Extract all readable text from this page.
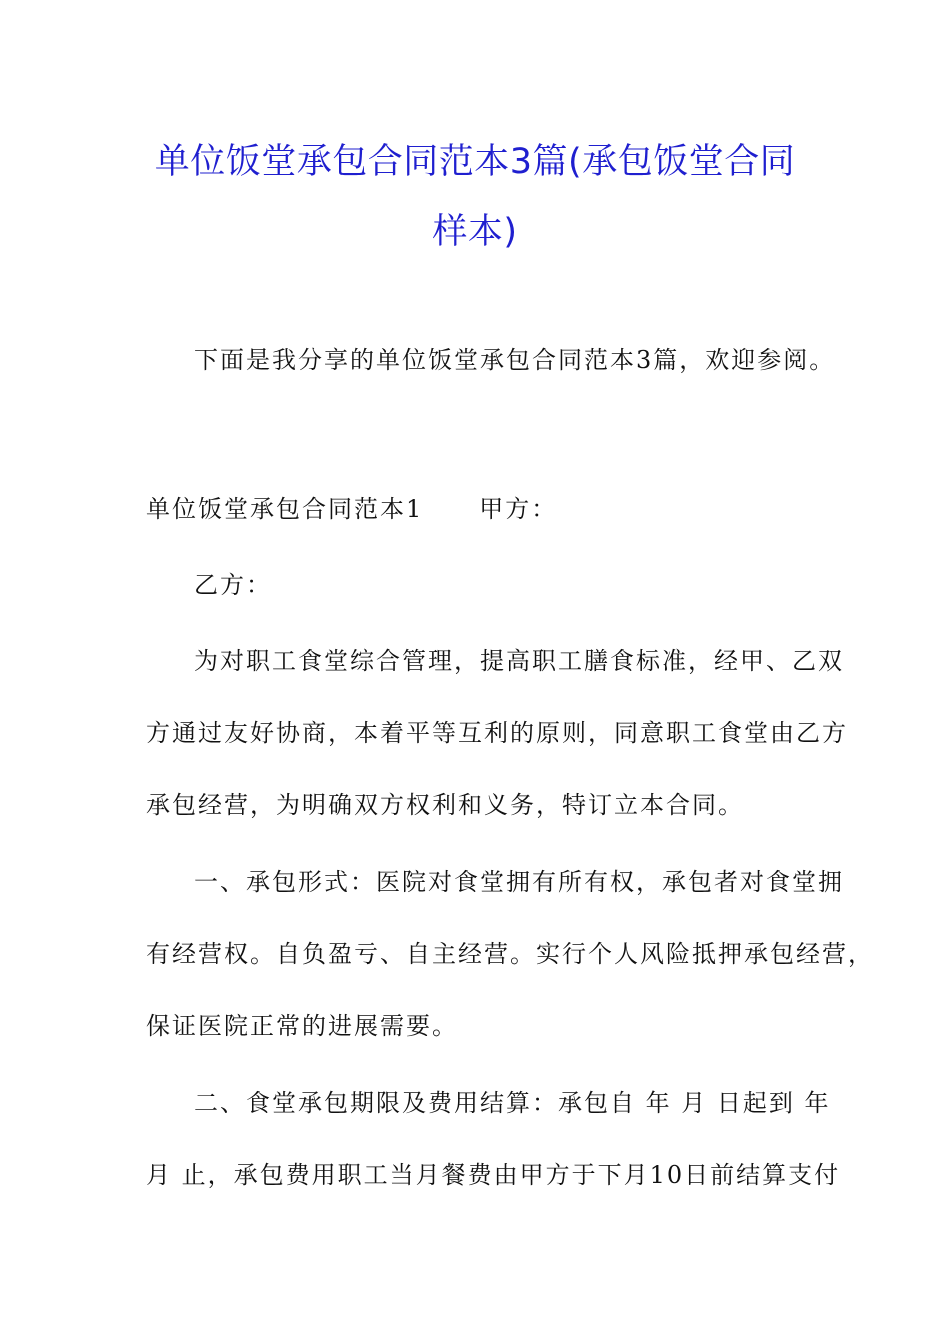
单位饭堂承包合同范本3篇(承包饭堂合同
样本)
下面是我分享的单位饭堂承包合同范本3篇，欢迎参阅。
单位饭堂承包合同范本1 甲方：
乙方：
为对职工食堂综合管理，提高职工膳食标准，经甲、乙双
方通过友好协商，本着平等互利的原则，同意职工食堂由乙方
承包经营，为明确双方权利和义务，特订立本合同。
一、承包形式：医院对食堂拥有所有权，承包者对食堂拥
有经营权。自负盈亏、自主经营。实行个人风险抵押承包经营，
保证医院正常的进展需要。
二、食堂承包期限及费用结算：承包自 年 月 日起到 年
月 止，承包费用职工当月餐费由甲方于下月10日前结算支付
